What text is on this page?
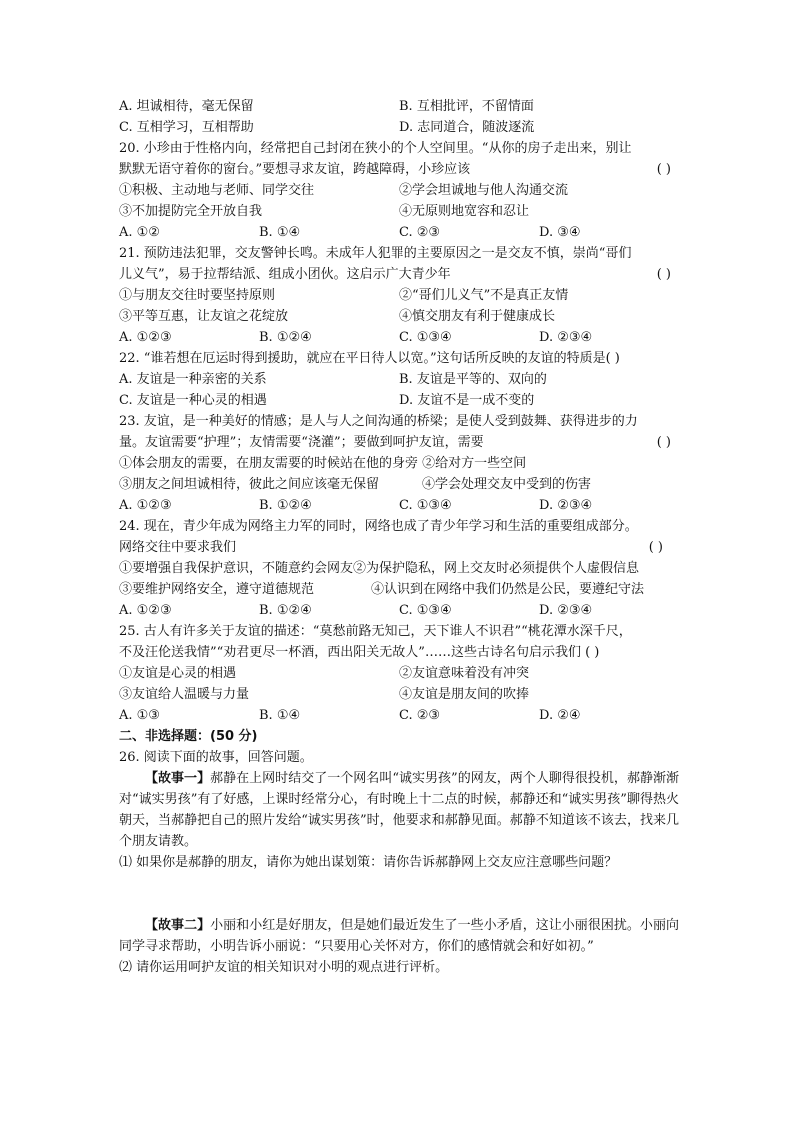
A. 坦诚相待，毫无保留	B. 互相批评，不留情面
C. 互相学习，互相帮助	D. 志同道合，随波逐流
20. 小珍由于性格内向，经常把自己封闭在狭小的个人空间里。“从你的房子走出来，别让
默默无语守着你的窗台。”要想寻求友谊，跨越障碍，小珍应该	( )
①积极、主动地与老师、同学交往	②学会坦诚地与他人沟通交流
③不加提防完全开放自我	④无原则地宽容和忍让
A. ①②	B. ①④	C. ②③	D. ③④
21. 预防违法犯罪，交友警钟长鸣。未成年人犯罪的主要原因之一是交友不慎，崇尚“哥们
儿义气”，易于拉帮结派、组成小团伙。这启示广大青少年	( )
①与朋友交往时要坚持原则	②“哥们儿义气”不是真正友情
③平等互惠，让友谊之花绽放	④慎交朋友有利于健康成长
A. ①②③	B. ①②④	C. ①③④	D. ②③④
22. “谁若想在厄运时得到援助，就应在平日待人以宽。”这句话所反映的友谊的特质是( )
A. 友谊是一种亲密的关系	B. 友谊是平等的、双向的
C. 友谊是一种心灵的相遇	D. 友谊不是一成不变的
23. 友谊，是一种美好的情感；是人与人之间沟通的桥梁；是使人受到鼓舞、获得进步的力
量。友谊需要“护理”；友情需要“浇灌”；要做到呵护友谊，需要	( )
①体会朋友的需要，在朋友需要的时候站在他的身旁 ②给对方一些空间
③朋友之间坦诚相待，彼此之间应该毫无保留	④学会处理交友中受到的伤害
A. ①②③	B. ①②④	C. ①③④	D. ②③④
24. 现在，青少年成为网络主力军的同时，网络也成了青少年学习和生活的重要组成部分。
网络交往中要求我们	( )
①要增强自我保护意识，不随意约会网友②为保护隐私，网上交友时必须提供个人虚假信息
③要维护网络安全，遵守道德规范	④认识到在网络中我们仍然是公民，要遵纪守法
A. ①②③	B. ①②④	C. ①③④	D. ②③④
25. 古人有许多关于友谊的描述：“莫愁前路无知己，天下谁人不识君”“桃花潭水深千尺，
不及汪伦送我情”“劝君更尽一杯酒，西出阳关无故人”……这些古诗名句启示我们 ( )
①友谊是心灵的相遇	②友谊意味着没有冲突
③友谊给人温暖与力量	④友谊是朋友间的吹捧
A. ①③	B. ①④	C. ②③	D. ②④
二、非选择题：(50 分)
26. 阅读下面的故事，回答问题。
【故事一】郝静在上网时结交了一个网名叫“诚实男孩”的网友，两个人聊得很投机，郝静渐渐对“诚实男孩”有了好感，上课时经常分心，有时晚上十二点的时候，郝静还和“诚实男孩”聊得热火朝天，当郝静把自己的照片发给“诚实男孩”时，他要求和郝静见面。郝静不知道该不该去，找来几个朋友请教。
⑴ 如果你是郝静的朋友，请你为她出谋划策：请你告诉郝静网上交友应注意哪些问题？
【故事二】小丽和小红是好朋友，但是她们最近发生了一些小矛盾，这让小丽很困扰。小丽向同学寻求帮助，小明告诉小丽说：“只要用心关怀对方，你们的感情就会和好如初。”
⑵ 请你运用呵护友谊的相关知识对小明的观点进行评析。
